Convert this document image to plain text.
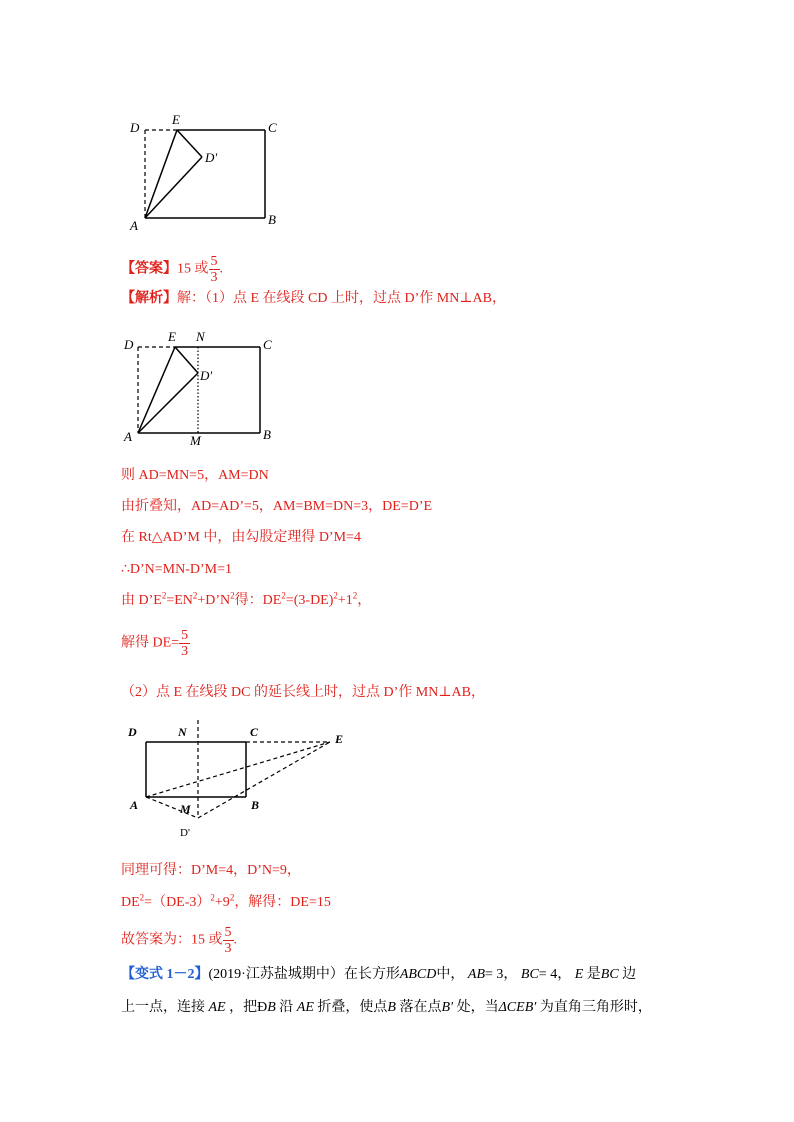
D
E
C
D′
A	B
【答案】15 或 $\frac{5}{3}$ .
【解析】解：（1）点 E 在线段 CD 上时，过点 D’作 MN⊥AB，
D
E N
C
D′
A	M	B
则 AD=MN=5，AM=DN
由折叠知，AD=AD’=5，AM=BM=DN=3，DE=D’E
在 Rt△AD’M 中，由勾股定理得 D’M=4
∴D’N=MN-D’M=1
由 $D’E^2=EN^2+D’N^2$得：$DE^2=(3-DE)^2+1^2$，
解得 $DE= \frac{5}{3}$
（2）点 E 在线段 DC 的延长线上时，过点 D’作 MN⊥AB，
D	N	C	E
A	M	B
D'
同理可得：D’M=4，D’N=9，
$DE^2=(DE-3)^2+9^2$，解得：DE=15
故答案为：15 或 $\frac{5}{3}$ .
【变式 1－2】(2019·江苏盐城期中）在长方形ABCD中， AB= 3， BC= 4， E 是BC 边
上一点，连接 AE ，把ÐB 沿 AE 折叠，使点B 落在点B′ 处，当ΔCEB′ 为直角三角形时，
